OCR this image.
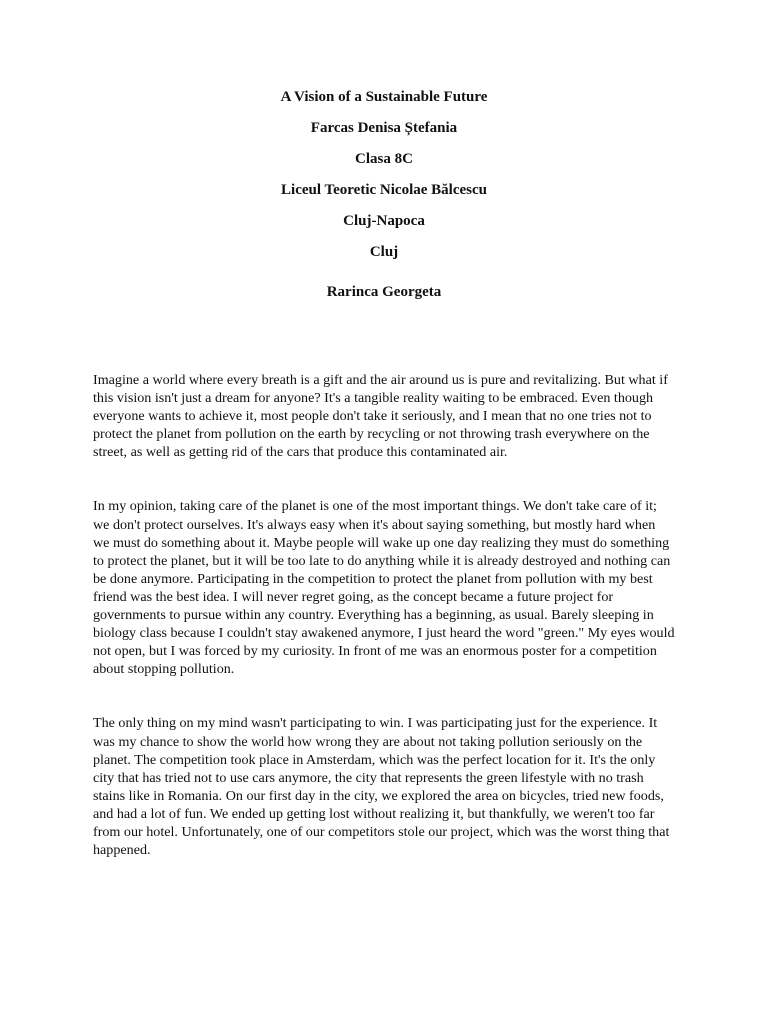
A Vision of a Sustainable Future
Farcas Denisa Ștefania
Clasa 8C
Liceul Teoretic Nicolae Bălcescu
Cluj-Napoca
Cluj
Rarinca Georgeta

Imagine a world where every breath is a gift and the air around us is pure and revitalizing. But what if this vision isn't just a dream for anyone? It's a tangible reality waiting to be embraced. Even though everyone wants to achieve it, most people don't take it seriously, and I mean that no one tries not to protect the planet from pollution on the earth by recycling or not throwing trash everywhere on the street, as well as getting rid of the cars that produce this contaminated air.

In my opinion, taking care of the planet is one of the most important things. We don't take care of it; we don't protect ourselves. It's always easy when it's about saying something, but mostly hard when we must do something about it. Maybe people will wake up one day realizing they must do something to protect the planet, but it will be too late to do anything while it is already destroyed and nothing can be done anymore. Participating in the competition to protect the planet from pollution with my best friend was the best idea. I will never regret going, as the concept became a future project for governments to pursue within any country. Everything has a beginning, as usual. Barely sleeping in biology class because I couldn't stay awakened anymore, I just heard the word "green." My eyes would not open, but I was forced by my curiosity. In front of me was an enormous poster for a competition about stopping pollution.

The only thing on my mind wasn't participating to win. I was participating just for the experience. It was my chance to show the world how wrong they are about not taking pollution seriously on the planet. The competition took place in Amsterdam, which was the perfect location for it. It's the only city that has tried not to use cars anymore, the city that represents the green lifestyle with no trash stains like in Romania. On our first day in the city, we explored the area on bicycles, tried new foods, and had a lot of fun. We ended up getting lost without realizing it, but thankfully, we weren't too far from our hotel. Unfortunately, one of our competitors stole our project, which was the worst thing that happened.
